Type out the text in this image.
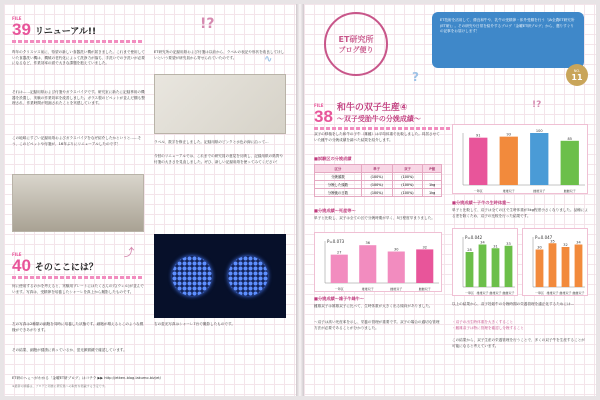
FILE
39 リニューアル!!
昨年のクリスマス前に、待望の新しい食器洗い機が届きました。これまで使用していた食器洗い機は、機械の老朽化によって洗浄力が落ち、手洗いでの予洗いが必要になるなど、作業効率の面で大きな課題を抱えていました。
それは……記録用紙および付箋やガラスパイプです。研究室に新たに記録専用の機器を設置し、実験の作業効率を改善しました。ガラス製のピペットが並んだ棚も整理され、作業時間が短縮されたことを実感しています。
この地味にすごい記録用紙およびガラスパイプをなぜ紹介したかというと……そう、このピペットや付箋が、16年ぶりにリニューアルしたのです！
ET研究所の記録用紙および付箋は以前から、ラベルの表記や形状を改良してほしいという要望が研究員から寄せられていたのです。
ラベル、数字を修正しました。記録用紙のピンクと水色の線に沿って…
今回のリニューアルでは、これまでの研究員の意見を反映し、記録用紙の紙質や付箋の大きさを見直しました。ぜひ、新しい記録用紙を使ってみてください！
FILE
40 そのここには？
何に使用するのかを考えると、実験用プレートにはたくさんの穴(ウェル)が並んでいます。写真は、受精卵を培養したシャーレを真上から撮影したものです。
左の写真は2種類の細胞を同時に培養した状態です。細胞が増えるとこのような模様ができあがります。
その結果、細胞が健康に育っているか、蛍光顕微鏡で確認しています。
右の蛍光写真はシャーレ7台で撮影したものです。
ET研のへぇ～がわかる「金曜ET研ブログ」はコチラ ▶▶ http://etken-blog.lakumo.biz/et/
※最新の順番は、ブログと同様に研究員への取材を掲載する予定です。
!?
∿
⤴
ET研究所
ブログ便り
ET技術を活用して、優良和牛や、乳牛の受精卵・体外受精を行う「JA全農ET研究所(ET研)」。その研究や日常を紹介するブログ「金曜ET研ブログ」から、選りすぐりの記事をお届けします！
NO.
11
FILE
38 和牛の双子生産④
〜双子受胎牛の分娩成績〜
双子の移植をした和牛の子牛（雄雌）は平均体重で比較しました。同居させていた雌牛の分娩成績を調べた結果を紹介します。
■試験区の分娩成績
区分	単子	双子	P値
分娩頭数	(100%)	(100%)	
分娩した頭数	(100%)	(100%)	1kg
分娩後の日数	(100%)	(100%)	1kg
■分娩成績〜死産等〜
単子と比較し、双子は全ての区で分娩時期が早く、5日程度早まりました。
27
一卵区
36
雄雄双子
30
雌雄双子
32
雌雌双子
P=0.073
■分娩成績〜雄子牛雌牛〜
雌雄双子は雄雄双子に比べて、生時体重が大きく出る傾向がありました。
〜双子は高い死産率を示し、栄養の管理が重要です。双子の場合の適切な管理方法が必要であることが分かりました。
91
一卵区
93
雄雄双子
100
雌雄双子
85
雌雌双子
■分娩成績〜子牛の生時体重〜
単子と比較して、双子は全ての区で生時体重が5kg程度小さくなりました。品種による差を除くため、双子の比較を行った結果です。
28
一卵区
34
雄雄双子
31
雌雄双子
33
雌雌双子
P=0.042
30
一卵区
35
雄雄双子
32
雌雄双子
34
雌雌双子
P=0.047
以上の結果から、双子妊娠牛の分娩時期の栄養管理を適正化するためには…
・双子の出生時体重を大きくすること
・雌雄双子は特に管理を確認し分娩すること
この結果から、双子生産の栄養管理を行うことで、多くの双子牛を生産することが可能になると考えています。
!?
?
